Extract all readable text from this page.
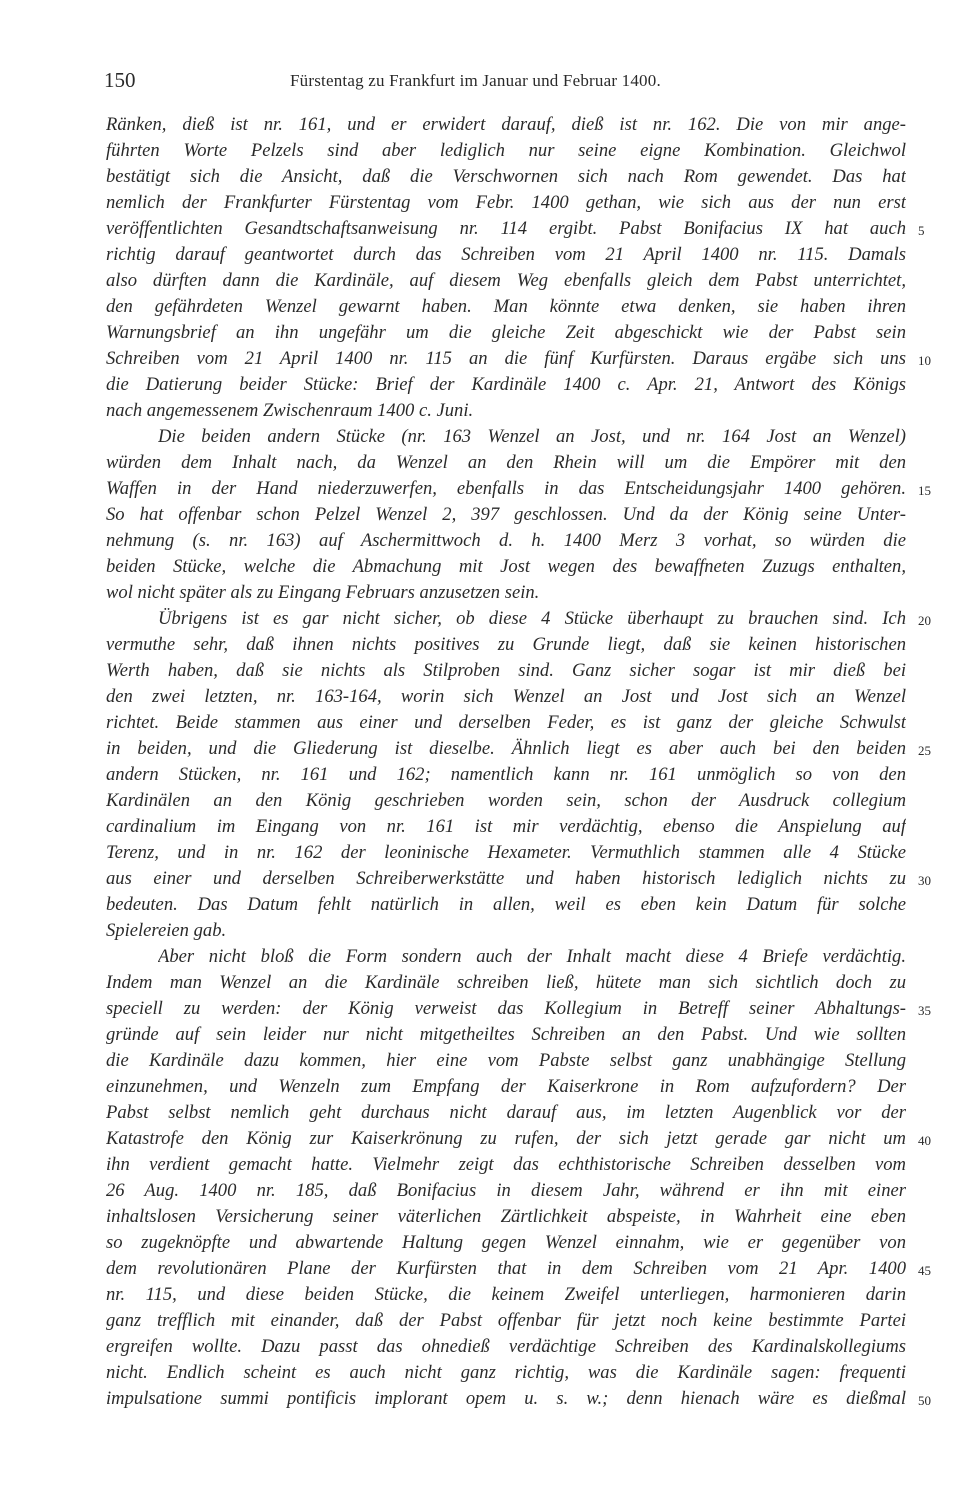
150	Fürstentag zu Frankfurt im Januar und Februar 1400.
Ränken, dieß ist nr. 161, und er erwidert darauf, dieß ist nr. 162. Die von mir ange-
führten Worte Pelzels sind aber lediglich nur seine eigne Kombination. Gleichwol
bestätigt sich die Ansicht, daß die Verschwornen sich nach Rom gewendet. Das hat
nemlich der Frankfurter Fürstentag vom Febr. 1400 gethan, wie sich aus der nun erst
veröffentlichten Gesandtschaftsanweisung nr. 114 ergibt. Pabst Bonifacius IX hat auch 5
richtig darauf geantwortet durch das Schreiben vom 21 April 1400 nr. 115. Damals
also dürften dann die Kardinäle, auf diesem Weg ebenfalls gleich dem Pabst unterrichtet,
den gefährdeten Wenzel gewarnt haben. Man könnte etwa denken, sie haben ihren
Warnungsbrief an ihn ungefähr um die gleiche Zeit abgeschickt wie der Pabst sein
Schreiben vom 21 April 1400 nr. 115 an die fünf Kurfürsten. Daraus ergäbe sich uns 10
die Datierung beider Stücke: Brief der Kardinäle 1400 c. Apr. 21, Antwort des Königs
nach angemessenem Zwischenraum 1400 c. Juni.
Die beiden andern Stücke (nr. 163 Wenzel an Jost, und nr. 164 Jost an Wenzel)
würden dem Inhalt nach, da Wenzel an den Rhein will um die Empörer mit den
Waffen in der Hand niederzuwerfen, ebenfalls in das Entscheidungsjahr 1400 gehören. 15
So hat offenbar schon Pelzel Wenzel 2, 397 geschlossen. Und da der König seine Unter-
nehmung (s. nr. 163) auf Aschermittwoch d. h. 1400 Merz 3 vorhat, so würden die
beiden Stücke, welche die Abmachung mit Jost wegen des bewaffneten Zuzugs enthalten,
wol nicht später als zu Eingang Februars anzusetzen sein.
Übrigens ist es gar nicht sicher, ob diese 4 Stücke überhaupt zu brauchen sind. Ich 20
vermuthe sehr, daß ihnen nichts positives zu Grunde liegt, daß sie keinen historischen
Werth haben, daß sie nichts als Stilproben sind. Ganz sicher sogar ist mir dieß bei
den zwei letzten, nr. 163-164, worin sich Wenzel an Jost und Jost sich an Wenzel
richtet. Beide stammen aus einer und derselben Feder, es ist ganz der gleiche Schwulst
in beiden, und die Gliederung ist dieselbe. Ähnlich liegt es aber auch bei den beiden 25
andern Stücken, nr. 161 und 162; namentlich kann nr. 161 unmöglich so von den
Kardinälen an den König geschrieben worden sein, schon der Ausdruck collegium
cardinalium im Eingang von nr. 161 ist mir verdächtig, ebenso die Anspielung auf
Terenz, und in nr. 162 der leoninische Hexameter. Vermuthlich stammen alle 4 Stücke
aus einer und derselben Schreiberwerkstätte und haben historisch lediglich nichts zu 30
bedeuten. Das Datum fehlt natürlich in allen, weil es eben kein Datum für solche
Spielereien gab.
Aber nicht bloß die Form sondern auch der Inhalt macht diese 4 Briefe verdächtig.
Indem man Wenzel an die Kardinäle schreiben ließ, hütete man sich sichtlich doch zu
speciell zu werden: der König verweist das Kollegium in Betreff seiner Abhaltungs- 35
gründe auf sein leider nur nicht mitgetheiltes Schreiben an den Pabst. Und wie sollten
die Kardinäle dazu kommen, hier eine vom Pabste selbst ganz unabhängige Stellung
einzunehmen, und Wenzeln zum Empfang der Kaiserkrone in Rom aufzufordern? Der
Pabst selbst nemlich geht durchaus nicht darauf aus, im letzten Augenblick vor der
Katastrofe den König zur Kaiserkrönung zu rufen, der sich jetzt gerade gar nicht um 40
ihn verdient gemacht hatte. Vielmehr zeigt das echthistorische Schreiben desselben vom
26 Aug. 1400 nr. 185, daß Bonifacius in diesem Jahr, während er ihn mit einer
inhaltslosen Versicherung seiner väterlichen Zärtlichkeit abspeiste, in Wahrheit eine eben
so zugeknöpfte und abwartende Haltung gegen Wenzel einnahm, wie er gegenüber von
dem revolutionären Plane der Kurfürsten that in dem Schreiben vom 21 Apr. 1400 45
nr. 115, und diese beiden Stücke, die keinem Zweifel unterliegen, harmonieren darin
ganz trefflich mit einander, daß der Pabst offenbar für jetzt noch keine bestimmte Partei
ergreifen wollte. Dazu passt das ohnedieß verdächtige Schreiben des Kardinalskollegiums
nicht. Endlich scheint es auch nicht ganz richtig, was die Kardinäle sagen: frequenti
impulsatione summi pontificis implorant opem u. s. w.; denn hienach wäre es dießmal 50
